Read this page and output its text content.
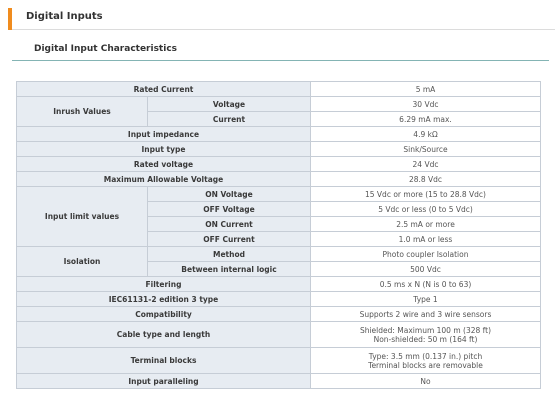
Digital Inputs
Digital Input Characteristics
Rated Current		5 mA
Inrush Values	Voltage	30 Vdc
	Current	6.29 mA max.
Input impedance		4.9 kΩ
Input type		Sink/Source
Rated voltage		24 Vdc
Maximum Allowable Voltage		28.8 Vdc
Input limit values	ON Voltage	15 Vdc or more (15 to 28.8 Vdc)
	OFF Voltage	5 Vdc or less (0 to 5 Vdc)
	ON Current	2.5 mA or more
	OFF Current	1.0 mA or less
Isolation	Method	Photo coupler Isolation
	Between internal logic	500 Vdc
Filtering		0.5 ms x N (N is 0 to 63)
IEC61131-2 edition 3 type		Type 1
Compatibility		Supports 2 wire and 3 wire sensors
Cable type and length		Shielded: Maximum 100 m (328 ft)
Non-shielded: 50 m (164 ft)

Terminal blocks		Type: 3.5 mm (0.137 in.) pitch
Terminal blocks are removable

Input paralleling		No
